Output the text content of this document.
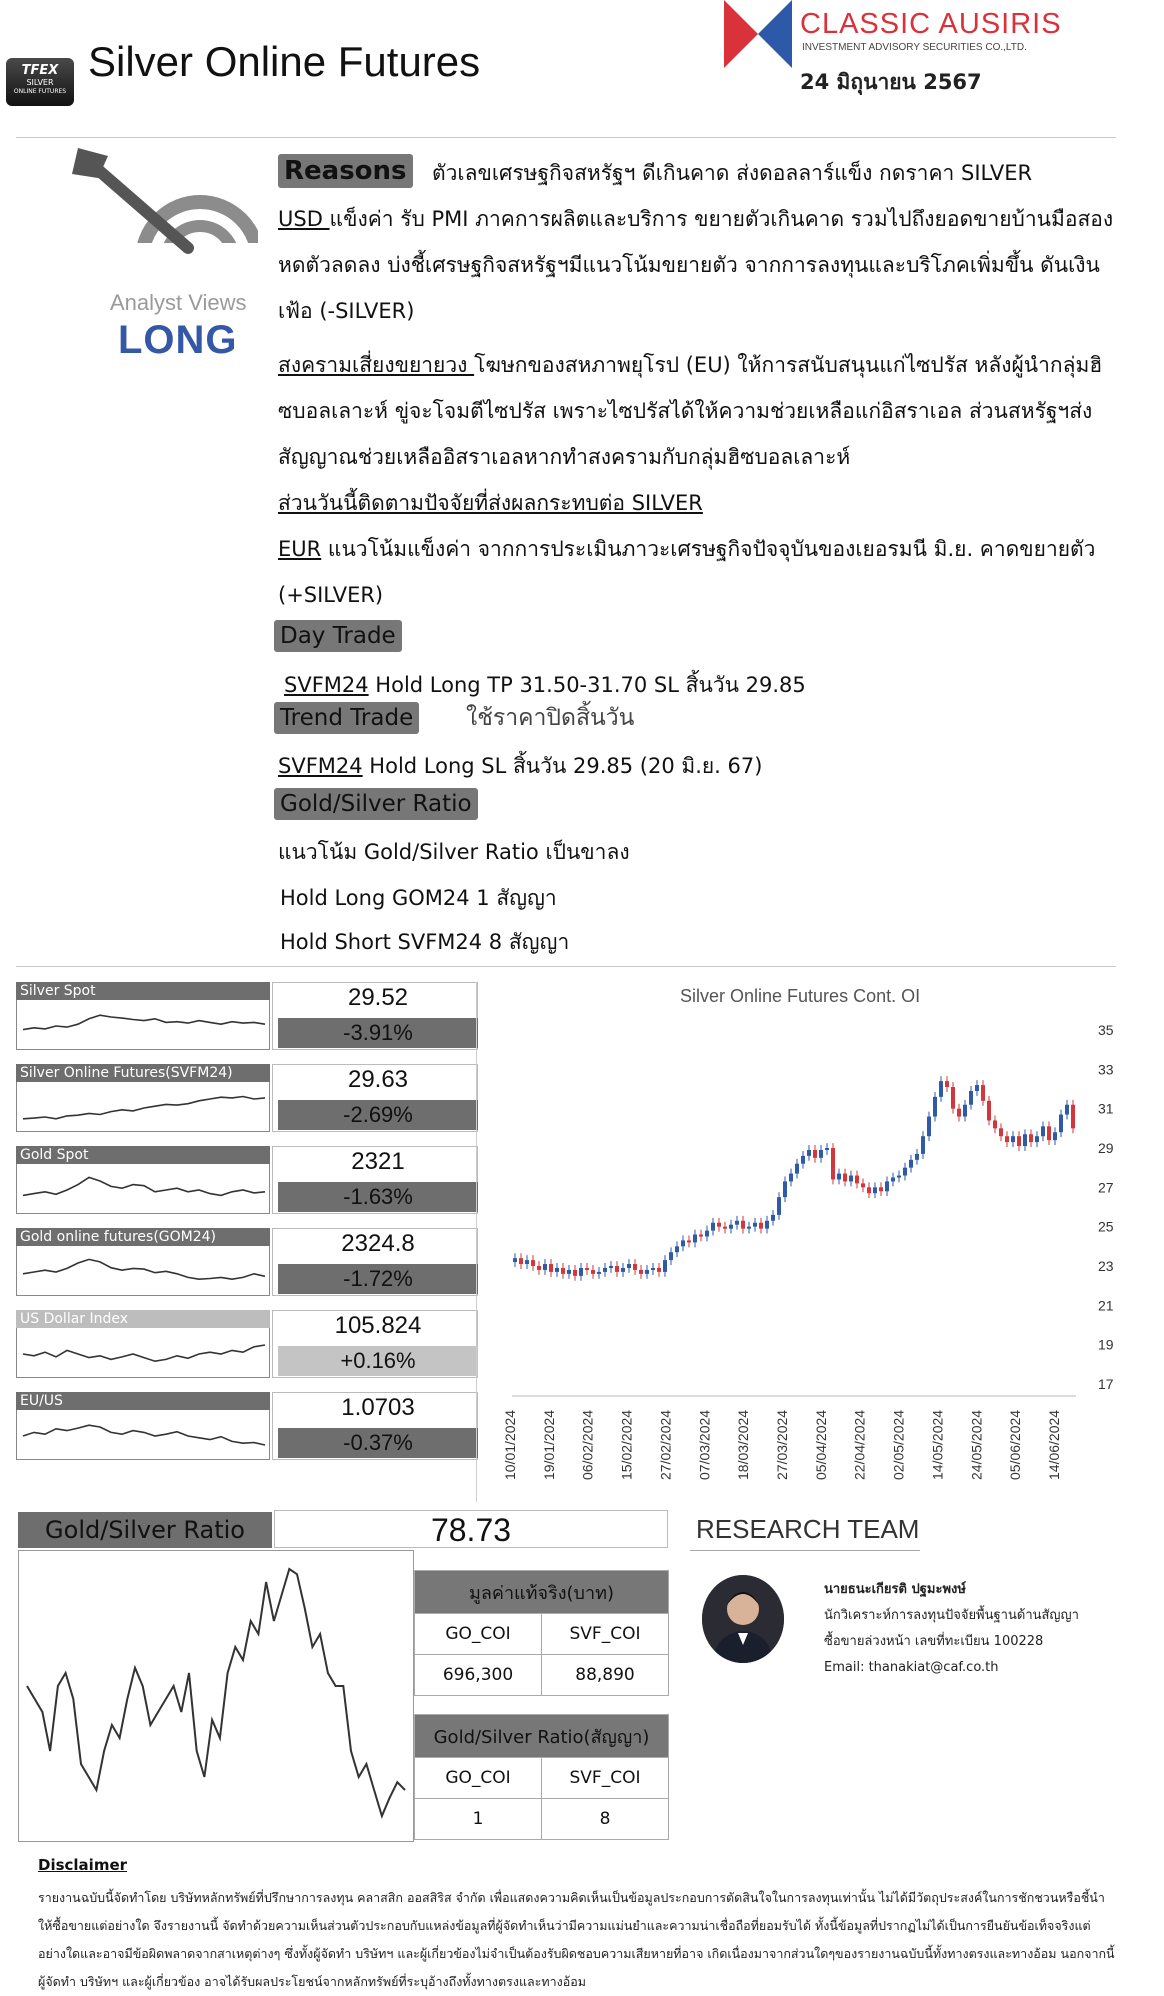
TFEX
SILVER
ONLINE FUTURES
Silver Online Futures
CLASSIC AUSIRIS
INVESTMENT ADVISORY SECURITIES CO.,LTD.
24 มิถุนายน 2567
Analyst Views
LONG
Reasons ตัวเลขเศรษฐกิจสหรัฐฯ ดีเกินคาด ส่งดอลลาร์แข็ง กดราคา SILVER
USD แข็งค่า รับ PMI ภาคการผลิตและบริการ ขยายตัวเกินคาด รวมไปถึงยอดขายบ้านมือสอง
หดตัวลดลง บ่งชี้เศรษฐกิจสหรัฐฯมีแนวโน้มขยายตัว จากการลงทุนและบริโภคเพิ่มขึ้น ดันเงิน
เฟ้อ (-SILVER)
สงครามเสี่ยงขยายวง โฆษกของสหภาพยุโรป (EU) ให้การสนับสนุนแก่ไซปรัส หลังผู้นำกลุ่มฮิ
ซบอลเลาะห์ ขู่จะโจมตีไซปรัส เพราะไซปรัสได้ให้ความช่วยเหลือแก่อิสราเอล ส่วนสหรัฐฯส่ง
สัญญาณช่วยเหลืออิสราเอลหากทำสงครามกับกลุ่มฮิซบอลเลาะห์
ส่วนวันนี้ติดตามปัจจัยที่ส่งผลกระทบต่อ SILVER
EUR แนวโน้มแข็งค่า จากการประเมินภาวะเศรษฐกิจปัจจุบันของเยอรมนี มิ.ย. คาดขยายตัว
(+SILVER)
Day Trade
SVFM24 Hold Long TP 31.50-31.70 SL สิ้นวัน 29.85
Trend Trade ใช้ราคาปิดสิ้นวัน
SVFM24 Hold Long SL สิ้นวัน 29.85 (20 มิ.ย. 67)
Gold/Silver Ratio
แนวโน้ม Gold/Silver Ratio เป็นขาลง
Hold Long GOM24 1 สัญญา
Hold Short SVFM24 8 สัญญา
Silver Spot	29.52
-3.91%
Silver Online Futures(SVFM24)	29.63
-2.69%
Gold Spot	2321
-1.63%
Gold online futures(GOM24)	2324.8
-1.72%
US Dollar Index	105.824
+0.16%
EU/US	1.0703
-0.37%
Silver Online Futures Cont. OI
35
33
31
29
27
25
23
21
19
17
10/01/2024 19/01/2024 06/02/2024 15/02/2024 27/02/2024 07/03/2024 18/03/2024 27/03/2024 05/04/2024 22/04/2024 02/05/2024 14/05/2024 24/05/2024 05/06/2024 14/06/2024
Gold/Silver Ratio	78.73
มูลค่าแท้จริง(บาท)	
GO_COI	SVF_COI
696,300	88,890
Gold/Silver Ratio(สัญญา)	
GO_COI	SVF_COI
1	8
RESEARCH TEAM
นายธนะเกียรติ ปฐมะพงษ์
นักวิเคราะห์การลงทุนปัจจัยพื้นฐานด้านสัญญา
ซื้อขายล่วงหน้า เลขที่ทะเบียน 100228
Email: thanakiat@caf.co.th
Disclaimer
รายงานฉบับนี้จัดทำโดย บริษัทหลักทรัพย์ที่ปรึกษาการลงทุน คลาสสิก ออสสิริส จำกัด เพื่อแสดงความคิดเห็นเป็นข้อมูลประกอบการตัดสินใจในการลงทุนเท่านั้น ไม่ได้มีวัตถุประสงค์ในการชักชวนหรือชี้นำให้ซื้อขายแต่อย่างใด จึงรายงานนี้ จัดทำด้วยความเห็นส่วนตัวประกอบกับแหล่งข้อมูลที่ผู้จัดทำเห็นว่ามีความแม่นยำและความน่าเชื่อถือที่ยอมรับได้ ทั้งนี้ข้อมูลที่ปรากฏไม่ได้เป็นการยืนยันข้อเท็จจริงแต่อย่างใดและอาจมีข้อผิดพลาดจากสาเหตุต่างๆ ซึ่งทั้งผู้จัดทำ บริษัทฯ และผู้เกี่ยวข้องไม่จำเป็นต้องรับผิดชอบความเสียหายที่อาจ เกิดเนื่องมาจากส่วนใดๆของรายงานฉบับนี้ทั้งทางตรงและทางอ้อม นอกจากนี้ผู้จัดทำ บริษัทฯ และผู้เกี่ยวข้อง อาจได้รับผลประโยชน์จากหลักทรัพย์ที่ระบุอ้างถึงทั้งทางตรงและทางอ้อม
